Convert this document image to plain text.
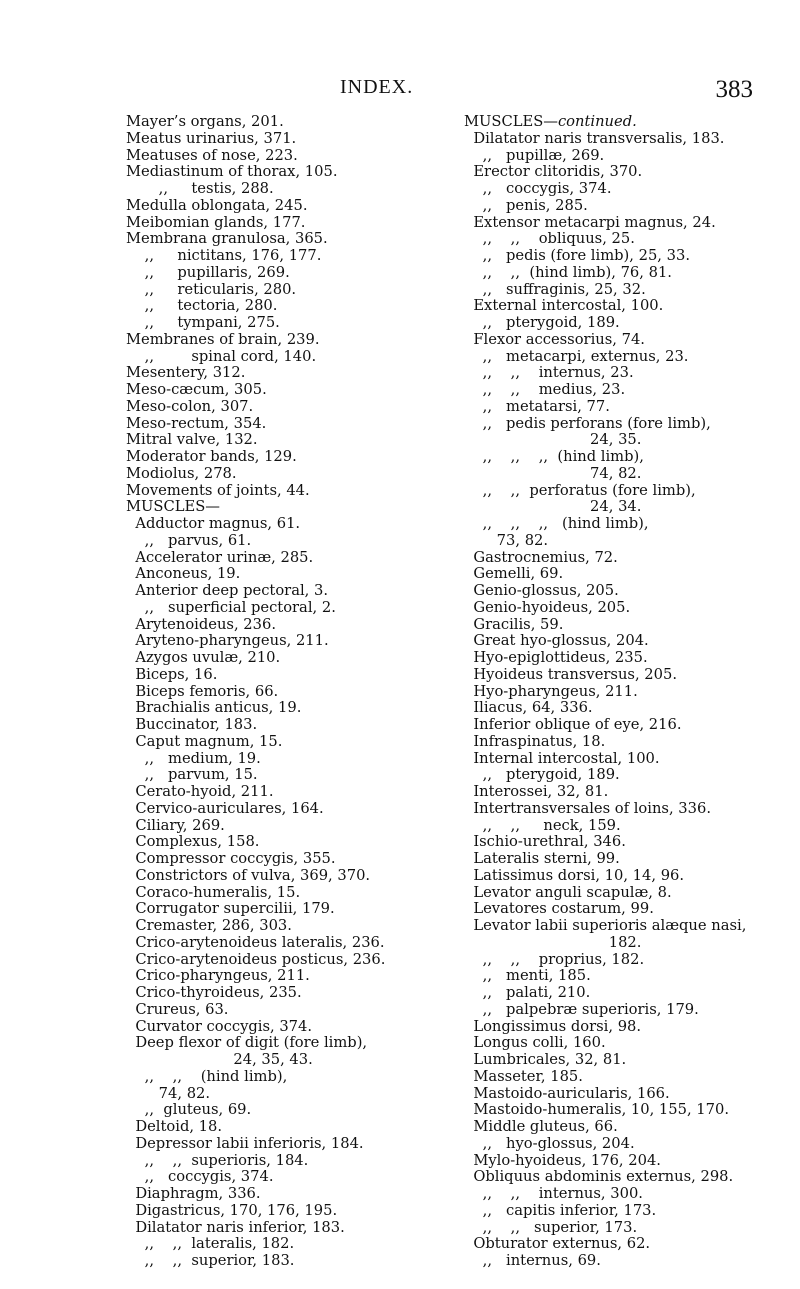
INDEX.	383
Mayer’s organs, 201.
Meatus urinarius, 371.
Meatuses of nose, 223.
Mediastinum of thorax, 105.
,,     testis, 288.
Medulla oblongata, 245.
Meibomian glands, 177.
Membrana granulosa, 365.
,,     nictitans, 176, 177.
,,     pupillaris, 269.
,,     reticularis, 280.
,,     tectoria, 280.
,,     tympani, 275.
Membranes of brain, 239.
,,        spinal cord, 140.
Mesentery, 312.
Meso-cæcum, 305.
Meso-colon, 307.
Meso-rectum, 354.
Mitral valve, 132.
Moderator bands, 129.
Modiolus, 278.
Movements of joints, 44.
MUSCLES—
Adductor magnus, 61.
,,   parvus, 61.
Accelerator urinæ, 285.
Anconeus, 19.
Anterior deep pectoral, 3.
,,   superficial pectoral, 2.
Arytenoideus, 236.
Aryteno-pharyngeus, 211.
Azygos uvulæ, 210.
Biceps, 16.
Biceps femoris, 66.
Brachialis anticus, 19.
Buccinator, 183.
Caput magnum, 15.
,,   medium, 19.
,,   parvum, 15.
Cerato-hyoid, 211.
Cervico-auriculares, 164.
Ciliary, 269.
Complexus, 158.
Compressor coccygis, 355.
Constrictors of vulva, 369, 370.
Coraco-humeralis, 15.
Corrugator supercilii, 179.
Cremaster, 286, 303.
Crico-arytenoideus lateralis, 236.
Crico-arytenoideus posticus, 236.
Crico-pharyngeus, 211.
Crico-thyroideus, 235.
Crureus, 63.
Curvator coccygis, 374.
Deep flexor of digit (fore limb),
24, 35, 43.
,,    ,,    (hind limb),
74, 82.
,,  gluteus, 69.
Deltoid, 18.
Depressor labii inferioris, 184.
,,    ,,  superioris, 184.
,,   coccygis, 374.
Diaphragm, 336.
Digastricus, 170, 176, 195.
Dilatator naris inferior, 183.
,,    ,,  lateralis, 182.
,,    ,,  superior, 183.
MUSCLES—continued.
Dilatator naris transversalis, 183.
,,   pupillæ, 269.
Erector clitoridis, 370.
,,   coccygis, 374.
,,   penis, 285.
Extensor metacarpi magnus, 24.
,,    ,,    obliquus, 25.
,,   pedis (fore limb), 25, 33.
,,    ,,  (hind limb), 76, 81.
,,   suffraginis, 25, 32.
External intercostal, 100.
,,   pterygoid, 189.
Flexor accessorius, 74.
,,   metacarpi, externus, 23.
,,    ,,    internus, 23.
,,    ,,    medius, 23.
,,   metatarsi, 77.
,,   pedis perforans (fore limb),
24, 35.
,,    ,,    ,,  (hind limb),
74, 82.
,,    ,,  perforatus (fore limb),
24, 34.
,,    ,,    ,,   (hind limb),
73, 82.
Gastrocnemius, 72.
Gemelli, 69.
Genio-glossus, 205.
Genio-hyoideus, 205.
Gracilis, 59.
Great hyo-glossus, 204.
Hyo-epiglottideus, 235.
Hyoideus transversus, 205.
Hyo-pharyngeus, 211.
Iliacus, 64, 336.
Inferior oblique of eye, 216.
Infraspinatus, 18.
Internal intercostal, 100.
,,   pterygoid, 189.
Interossei, 32, 81.
Intertransversales of loins, 336.
,,    ,,     neck, 159.
Ischio-urethral, 346.
Lateralis sterni, 99.
Latissimus dorsi, 10, 14, 96.
Levator anguli scapulæ, 8.
Levatores costarum, 99.
Levator labii superioris alæque nasi,
182.
,,    ,,    proprius, 182.
,,   menti, 185.
,,   palati, 210.
,,   palpebræ superioris, 179.
Longissimus dorsi, 98.
Longus colli, 160.
Lumbricales, 32, 81.
Masseter, 185.
Mastoido-auricularis, 166.
Mastoido-humeralis, 10, 155, 170.
Middle gluteus, 66.
,,   hyo-glossus, 204.
Mylo-hyoideus, 176, 204.
Obliquus abdominis externus, 298.
,,    ,,    internus, 300.
,,   capitis inferior, 173.
,,    ,,   superior, 173.
Obturator externus, 62.
,,   internus, 69.
